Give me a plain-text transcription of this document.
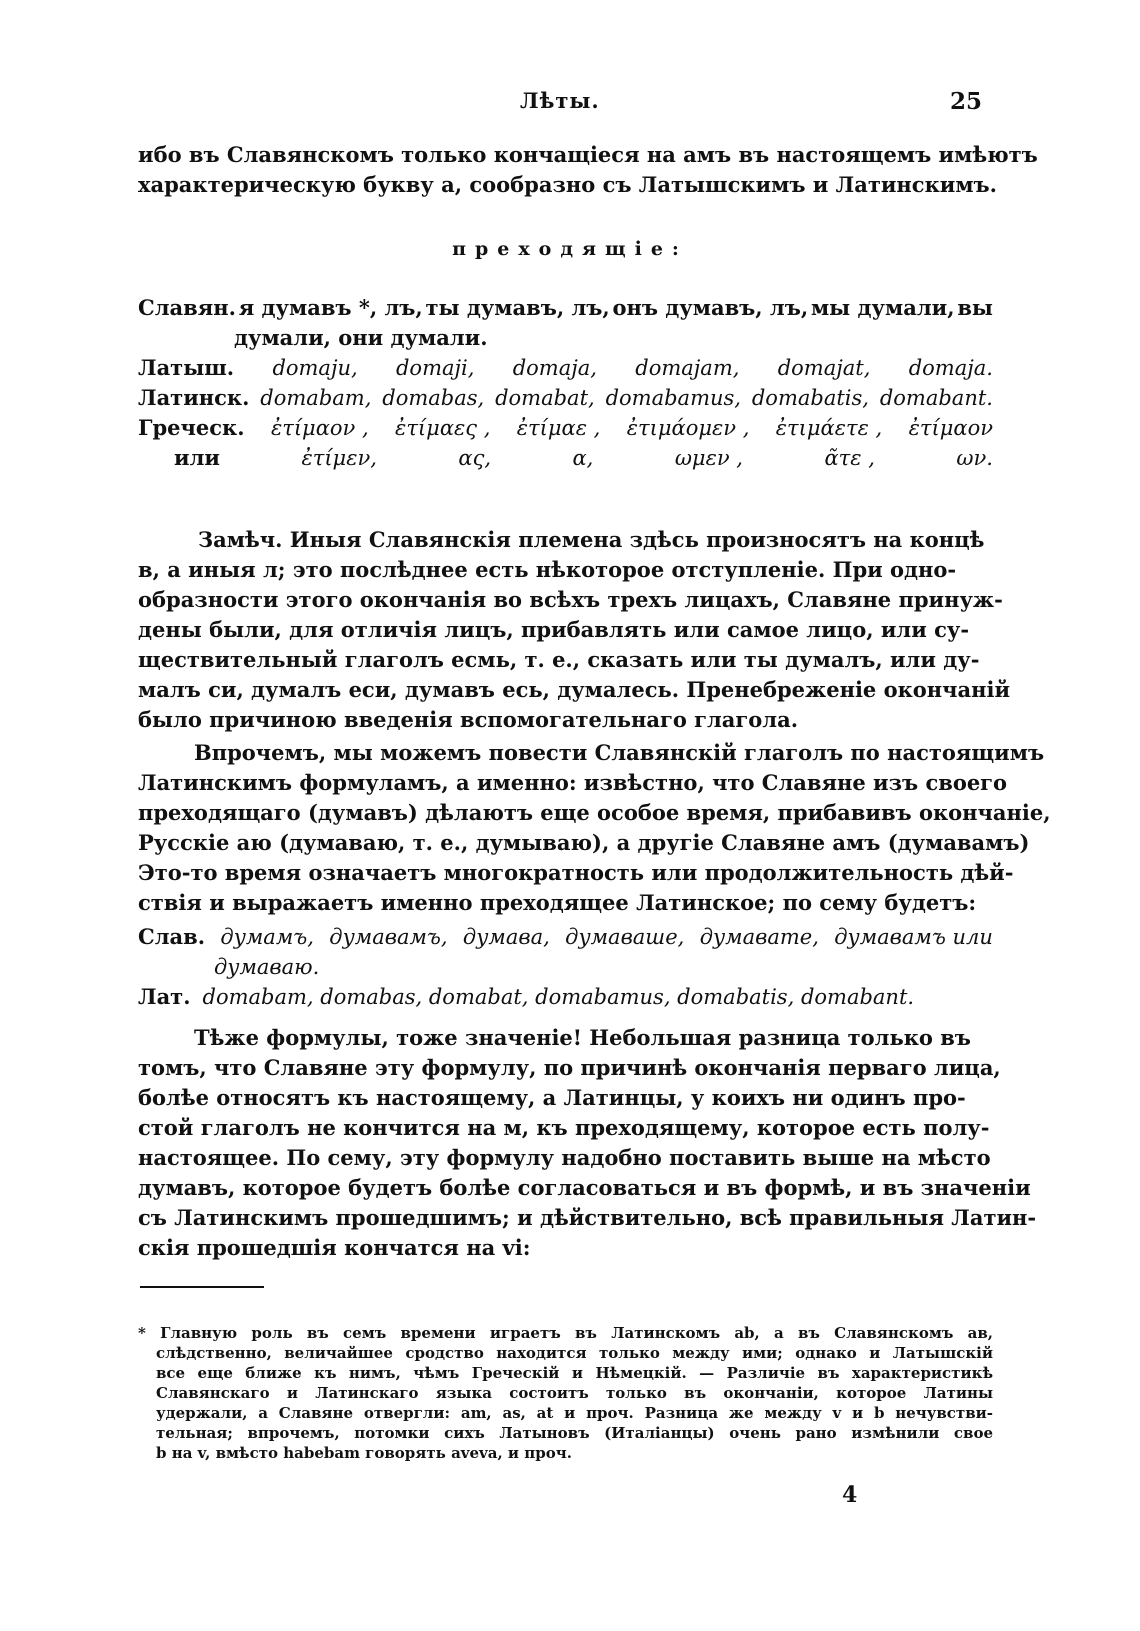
Лѣты.	25
ибо въ Славянскомъ только кончащіеся на амъ въ настоящемъ имѣютъ
характерическую букву а, сообразно съ Латышскимъ и Латинскимъ.
преходящіе:
Славян. я думавъ *, лъ, ты думавъ, лъ, онъ думавъ, лъ, мы думали, вы
думали, они думали.
Латыш. domaju, domaji, domaja, domajam, domajat, domaja.
Латинск. domabam, domabas, domabat, domabamus, domabatis, domabant.
Греческ. ἐτίμαον , ἐτίμαες , ἐτίμαε , ἐτιμάομεν , ἐτιμάετε , ἐτίμαον
или	ἐτίμεν,	ας,	α,	ωμεν ,	ᾶτε ,	ων.
Замѣч. Иныя Славянскія племена здѣсь произносятъ на концѣ
в, а иныя л; это послѣднее есть нѣкоторое отступленіе. При одно-
образности этого окончанія во всѣхъ трехъ лицахъ, Славяне принуж-
дены были, для отличія лицъ, прибавлять или самое лицо, или су-
ществительный глаголъ есмь, т. е., сказать или ты думалъ, или ду-
малъ си, думалъ еси, думавъ есь, думалесь. Пренебреженіе окончаній
было причиною введенія вспомогательнаго глагола.
Впрочемъ, мы можемъ повести Славянскій глаголъ по настоящимъ
Латинскимъ формуламъ, а именно: извѣстно, что Славяне изъ своего
преходящаго (думавъ) дѣлаютъ еще особое время, прибавивъ окончаніе,
Русскіе аю (думаваю, т. е., думываю), а другіе Славяне амъ (думавамъ)
Это-то время означаетъ многократность или продолжительность дѣй-
ствія и выражаетъ именно преходящее Латинское; по сему будетъ:
Слав. думамъ, думавамъ, думава, думаваше, думавате, думавамъ или
думавaю.
Лат. domabam, domabas, domabat, domabamus, domabatis, domabant.
Тѣже формулы, тоже значеніе! Небольшая разница только въ
томъ, что Славяне эту формулу, по причинѣ окончанія перваго лица,
болѣе относятъ къ настоящему, а Латинцы, у коихъ ни одинъ про-
стой глаголъ не кончится на м, къ преходящему, которое есть полу-
настоящее. По сему, эту формулу надобно поставить выше на мѣсто
думавъ, которое будетъ болѣе согласоваться и въ формѣ, и въ значеніи
съ Латинскимъ прошедшимъ; и дѣйствительно, всѣ правильныя Латин-
скія прошедшія кончатся на vi:
* Главную роль въ семъ времени играетъ въ Латинскомъ ab, а въ Славянскомъ ав,
слѣдственно, величайшее сродство находится только между ими; однако и Латышскій
все еще ближе къ нимъ, чѣмъ Греческій и Нѣмецкій. — Различіе въ характеристикѣ
Славянскаго и Латинскаго языка состоитъ только въ окончаніи, которое Латины
удержали, а Славяне отвергли: am, as, at и проч. Разница же между v и b нечувстви-
тельная; впрочемъ, потомки сихъ Латыновъ (Италіанцы) очень рано измѣнили свое
b на v, вмѣсто habebam говорять aveva, и проч.
4
